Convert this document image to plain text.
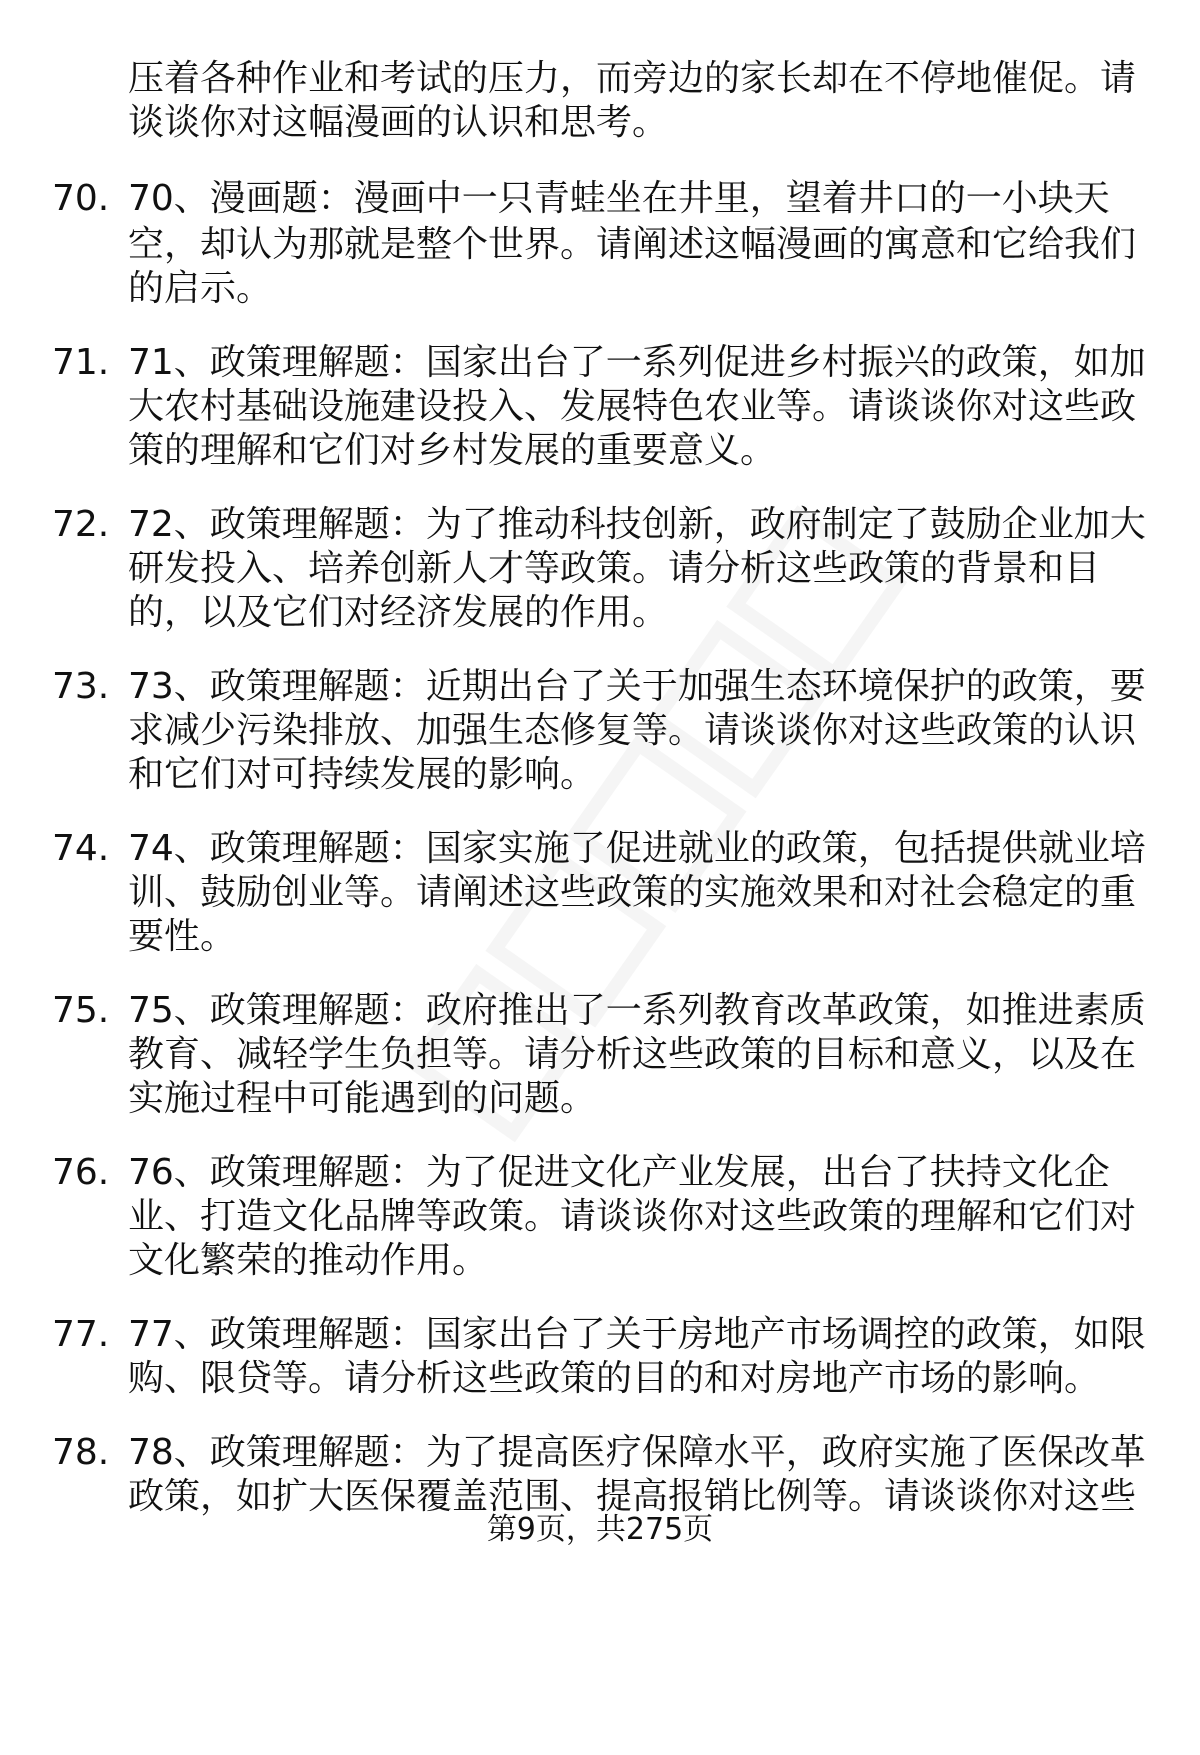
压着各种作业和考试的压力，而旁边的家长却在不停地催促。请
谈谈你对这幅漫画的认识和思考。
70. 70、漫画题：漫画中一只青蛙坐在井里，望着井口的一小块天
空，却认为那就是整个世界。请阐述这幅漫画的寓意和它给我们
的启示。
71. 71、政策理解题：国家出台了一系列促进乡村振兴的政策，如加
大农村基础设施建设投入、发展特色农业等。请谈谈你对这些政
策的理解和它们对乡村发展的重要意义。
72. 72、政策理解题：为了推动科技创新，政府制定了鼓励企业加大
研发投入、培养创新人才等政策。请分析这些政策的背景和目
的，以及它们对经济发展的作用。
73. 73、政策理解题：近期出台了关于加强生态环境保护的政策，要
求减少污染排放、加强生态修复等。请谈谈你对这些政策的认识
和它们对可持续发展的影响。
74. 74、政策理解题：国家实施了促进就业的政策，包括提供就业培
训、鼓励创业等。请阐述这些政策的实施效果和对社会稳定的重
要性。
75. 75、政策理解题：政府推出了一系列教育改革政策，如推进素质
教育、减轻学生负担等。请分析这些政策的目标和意义，以及在
实施过程中可能遇到的问题。
76. 76、政策理解题：为了促进文化产业发展，出台了扶持文化企
业、打造文化品牌等政策。请谈谈你对这些政策的理解和它们对
文化繁荣的推动作用。
77. 77、政策理解题：国家出台了关于房地产市场调控的政策，如限
购、限贷等。请分析这些政策的目的和对房地产市场的影响。
78. 78、政策理解题：为了提高医疗保障水平，政府实施了医保改革
政策，如扩大医保覆盖范围、提高报销比例等。请谈谈你对这些
第9页，共275页
